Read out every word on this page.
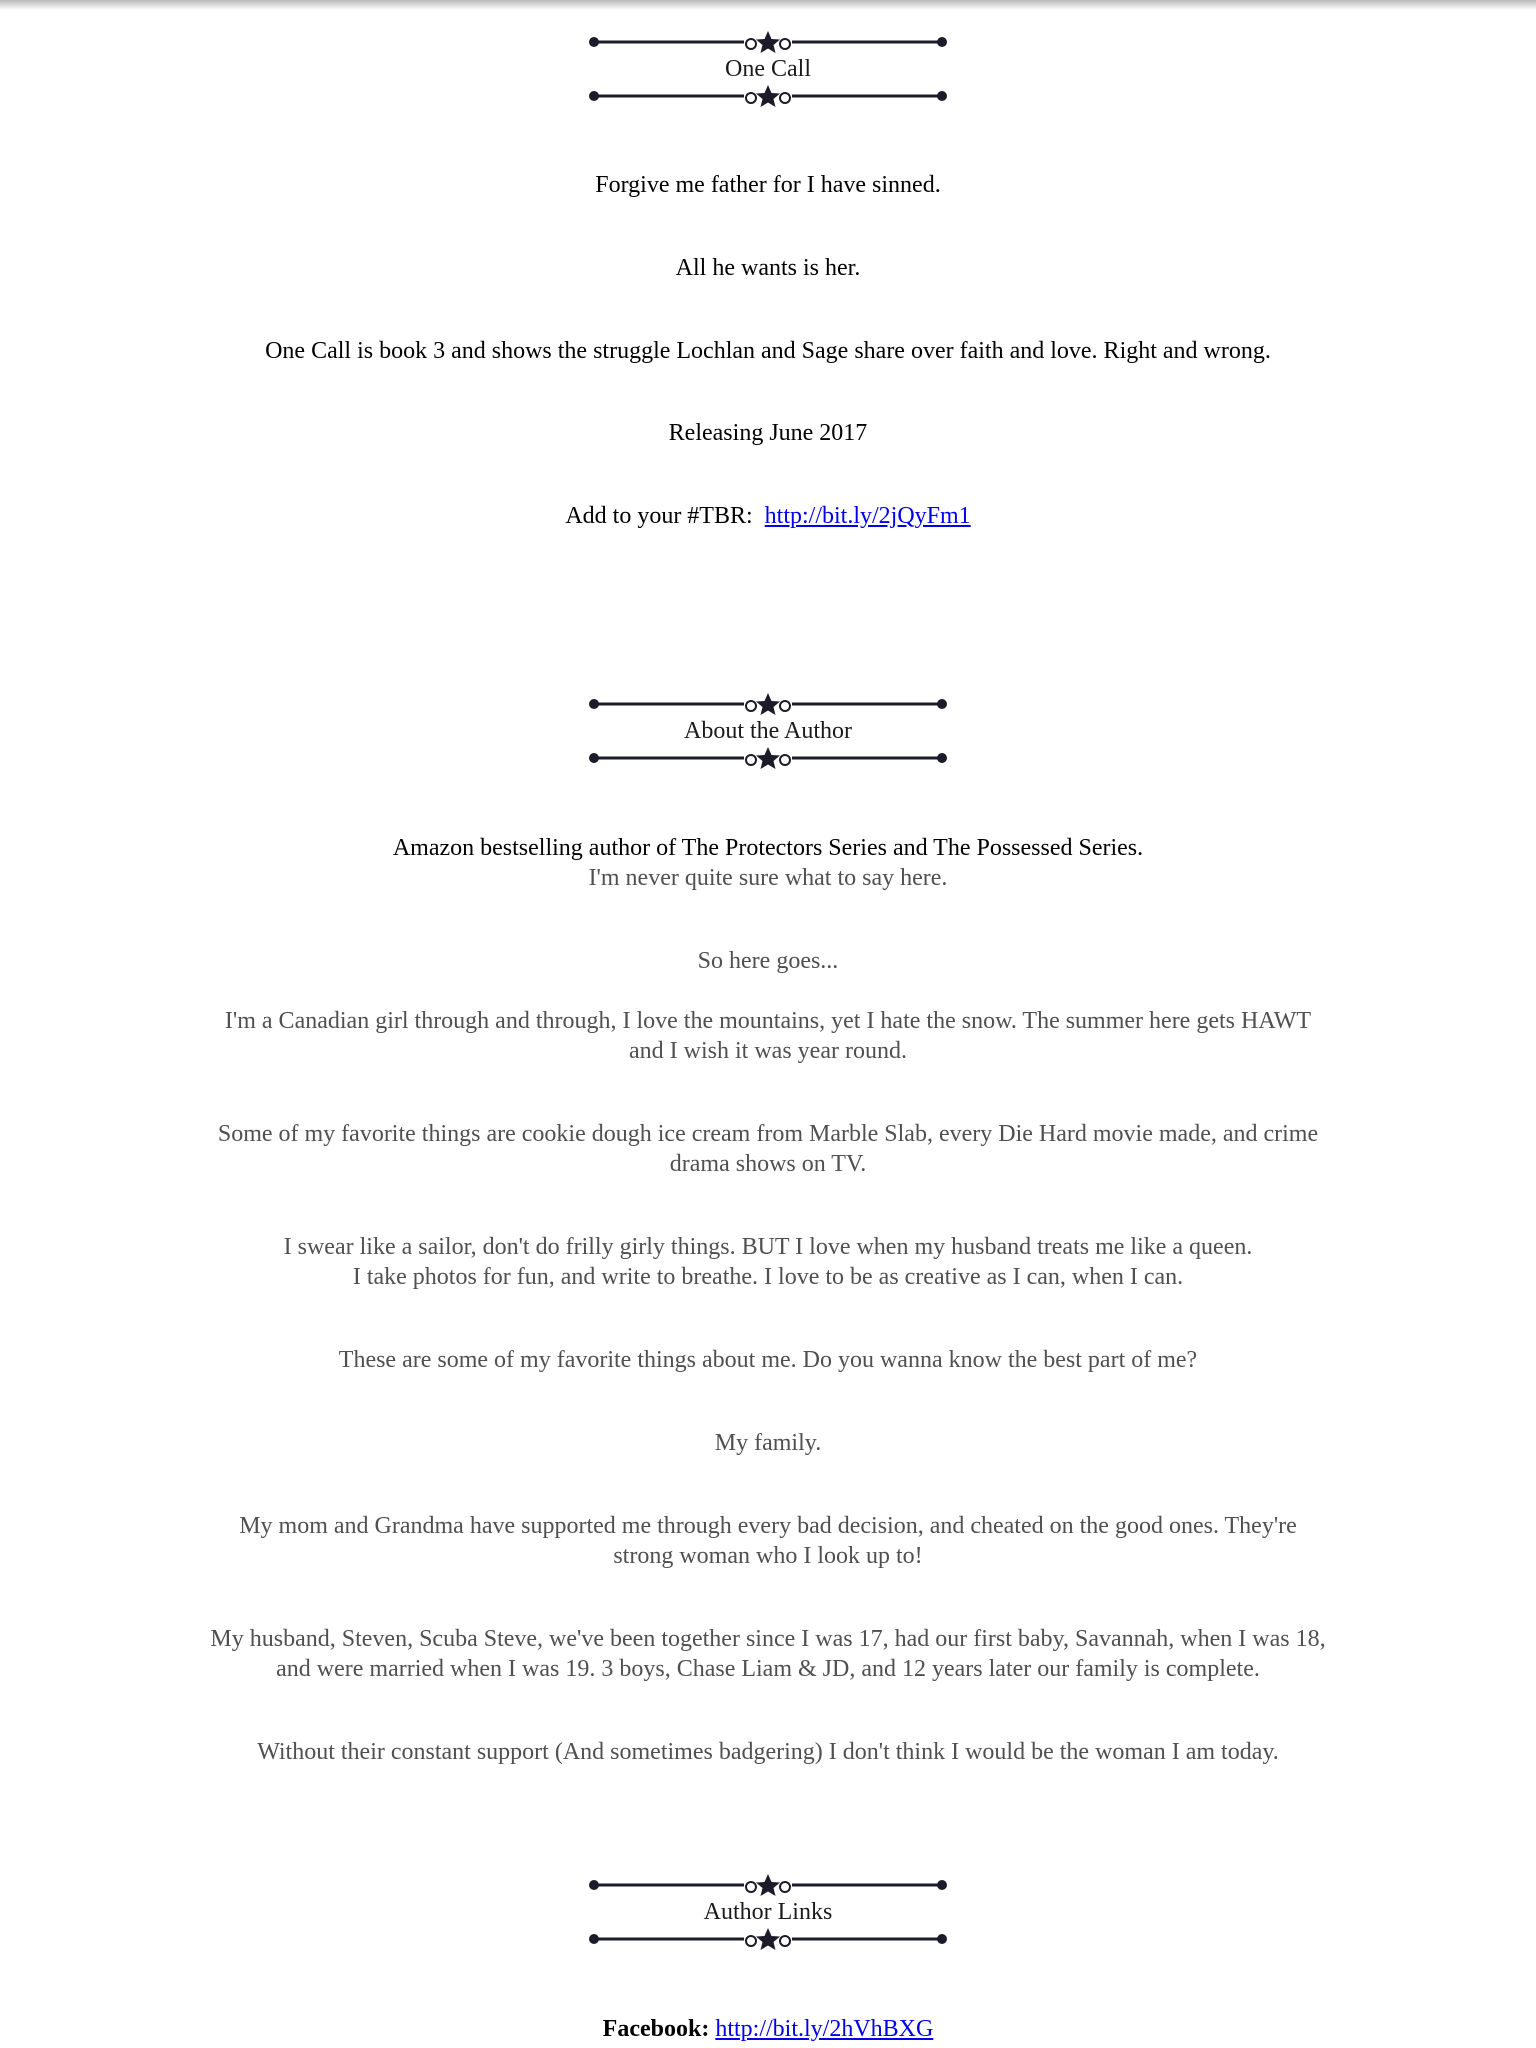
One Call

Forgive me father for I have sinned.

All he wants is her.

One Call is book 3 and shows the struggle Lochlan and Sage share over faith and love. Right and wrong.

Releasing June 2017

Add to your #TBR: http://bit.ly/2jQyFm1

About the Author

Amazon bestselling author of The Protectors Series and The Possessed Series.

I'm never quite sure what to say here.

So here goes...

I'm a Canadian girl through and through, I love the mountains, yet I hate the snow. The summer here gets HAWT

and I wish it was year round.

Some of my favorite things are cookie dough ice cream from Marble Slab, every Die Hard movie made, and crime

drama shows on TV.

I swear like a sailor, don't do frilly girly things. BUT I love when my husband treats me like a queen.

I take photos for fun, and write to breathe. I love to be as creative as I can, when I can.

These are some of my favorite things about me. Do you wanna know the best part of me?

My family.

My mom and Grandma have supported me through every bad decision, and cheated on the good ones. They're

strong woman who I look up to!

My husband, Steven, Scuba Steve, we've been together since I was 17, had our first baby, Savannah, when I was 18,

and were married when I was 19. 3 boys, Chase Liam & JD, and 12 years later our family is complete.

Without their constant support (And sometimes badgering) I don't think I would be the woman I am today.

Author Links

Facebook: http://bit.ly/2hVhBXG
